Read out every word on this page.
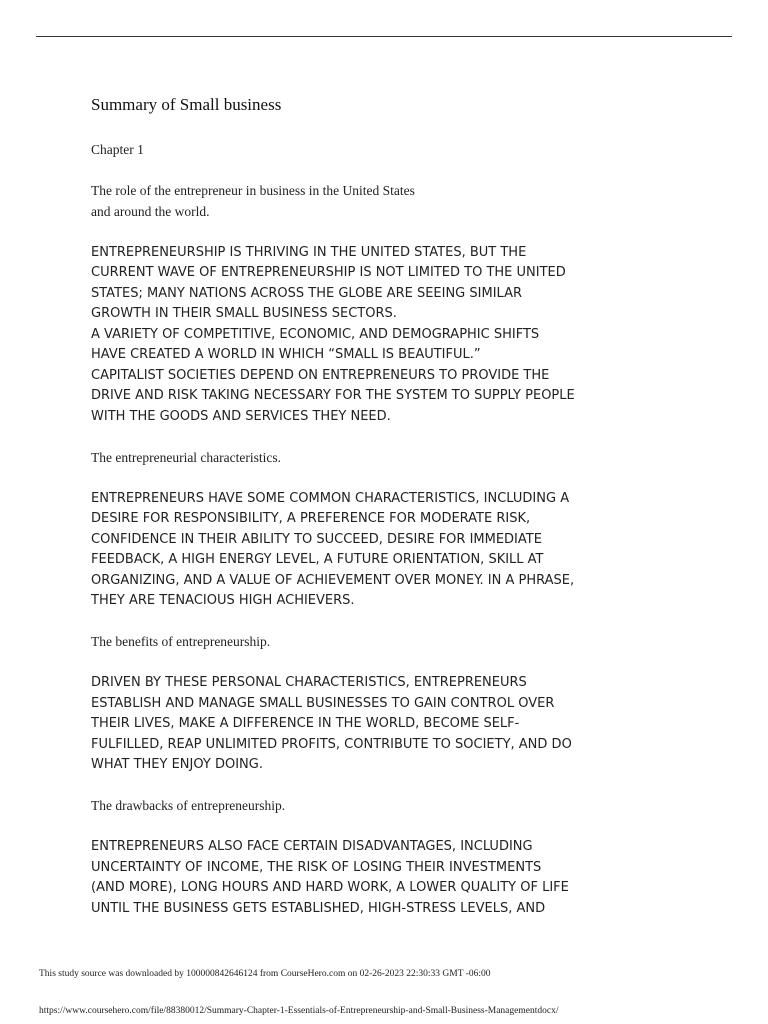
Summary of Small business

Chapter 1

The role of the entrepreneur in business in the United States

and around the world.

ENTREPRENEURSHIP IS THRIVING IN THE UNITED STATES, BUT THE

CURRENT WAVE OF ENTREPRENEURSHIP IS NOT LIMITED TO THE UNITED

STATES; MANY NATIONS ACROSS THE GLOBE ARE SEEING SIMILAR

GROWTH IN THEIR SMALL BUSINESS SECTORS.

A VARIETY OF COMPETITIVE, ECONOMIC, AND DEMOGRAPHIC SHIFTS

HAVE CREATED A WORLD IN WHICH “SMALL IS BEAUTIFUL.”

CAPITALIST SOCIETIES DEPEND ON ENTREPRENEURS TO PROVIDE THE

DRIVE AND RISK TAKING NECESSARY FOR THE SYSTEM TO SUPPLY PEOPLE

WITH THE GOODS AND SERVICES THEY NEED.

The entrepreneurial characteristics.

ENTREPRENEURS HAVE SOME COMMON CHARACTERISTICS, INCLUDING A

DESIRE FOR RESPONSIBILITY, A PREFERENCE FOR MODERATE RISK,

CONFIDENCE IN THEIR ABILITY TO SUCCEED, DESIRE FOR IMMEDIATE

FEEDBACK, A HIGH ENERGY LEVEL, A FUTURE ORIENTATION, SKILL AT

ORGANIZING, AND A VALUE OF ACHIEVEMENT OVER MONEY. IN A PHRASE,

THEY ARE TENACIOUS HIGH ACHIEVERS.

The benefits of entrepreneurship.

DRIVEN BY THESE PERSONAL CHARACTERISTICS, ENTREPRENEURS

ESTABLISH AND MANAGE SMALL BUSINESSES TO GAIN CONTROL OVER

THEIR LIVES, MAKE A DIFFERENCE IN THE WORLD, BECOME SELF-

FULFILLED, REAP UNLIMITED PROFITS, CONTRIBUTE TO SOCIETY, AND DO

WHAT THEY ENJOY DOING.

The drawbacks of entrepreneurship.

ENTREPRENEURS ALSO FACE CERTAIN DISADVANTAGES, INCLUDING

UNCERTAINTY OF INCOME, THE RISK OF LOSING THEIR INVESTMENTS

(AND MORE), LONG HOURS AND HARD WORK, A LOWER QUALITY OF LIFE

UNTIL THE BUSINESS GETS ESTABLISHED, HIGH-STRESS LEVELS, AND

This study source was downloaded by 100000842646124 from CourseHero.com on 02-26-2023 22:30:33 GMT -06:00
https://www.coursehero.com/file/88380012/Summary-Chapter-1-Essentials-of-Entrepreneurship-and-Small-Business-Managementdocx/
